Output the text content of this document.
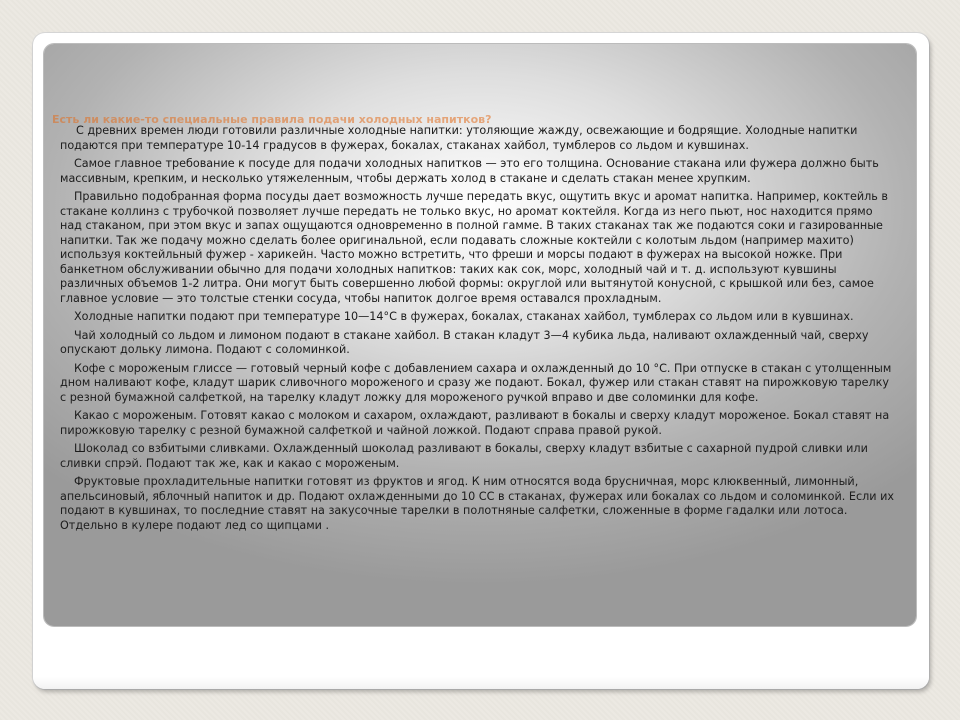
Есть ли какие-то специальные правила подачи холодных напитков?

С древних времен люди готовили различные холодные напитки: утоляющие жажду, освежающие и бодрящие. Холодные напитки подаются при температуре 10-14 градусов в фужерах, бокалах, стаканах хайбол, тумблеров со льдом и кувшинах.

Самое главное требование к посуде для подачи холодных напитков — это его толщина. Основание стакана или фужера должно быть массивным, крепким, и несколько утяжеленным, чтобы держать холод в стакане и сделать стакан менее хрупким.

Правильно подобранная форма посуды дает возможность лучше передать вкус, ощутить вкус и аромат напитка. Например, коктейль в стакане коллинз с трубочкой позволяет лучше передать не только вкус, но аромат коктейля. Когда из него пьют, нос находится прямо над стаканом, при этом вкус и запах ощущаются одновременно в полной гамме. В таких стаканах так же подаются соки и газированные напитки. Так же подачу можно сделать более оригинальной, если подавать сложные коктейли с колотым льдом (например махито) используя коктейльный фужер - харикейн. Часто можно встретить, что фреши и морсы подают в фужерах на высокой ножке. При банкетном обслуживании обычно для подачи холодных напитков: таких как сок, морс, холодный чай и т. д. используют кувшины различных объемов 1-2 литра. Они могут быть совершенно любой формы: округлой или вытянутой конусной, с крышкой или без, самое главное условие — это толстые стенки сосуда, чтобы напиток долгое время оставался прохладным.

Холодные напитки подают при температуре 10—14°С в фужерах, бокалах, стаканах хайбол, тумблерах со льдом или в кувшинах.

Чай холодный со льдом и лимоном подают в стакане хайбол. В стакан кладут 3—4 кубика льда, наливают охлажденный чай, сверху опускают дольку лимона. Подают с соломинкой.

Кофе с мороженым глиссе — готовый черный кофе с добавлением сахара и охлажденный до 10 °С. При отпуске в стакан с утолщенным дном наливают кофе, кладут шарик сливочного мороженого и сразу же подают. Бокал, фужер или стакан ставят на пирожковую тарелку с резной бумажной салфеткой, на тарелку кладут ложку для мороженого ручкой вправо и две соломинки для кофе.

Какао с мороженым. Готовят какао с молоком и сахаром, охлаждают, разливают в бокалы и сверху кладут мороженое. Бокал ставят на пирожковую тарелку с резной бумажной салфеткой и чайной ложкой. Подают справа правой рукой.

Шоколад со взбитыми сливками. Охлажденный шоколад разливают в бокалы, сверху кладут взбитые с сахарной пудрой сливки или сливки спрэй. Подают так же, как и какао с мороженым.

Фруктовые прохладительные напитки готовят из фруктов и ягод. К ним относятся вода брусничная, морс клюквенный, лимонный, апельсиновый, яблочный напиток и др. Подают охлажденными до 10 СС в стаканах, фужерах или бокалах со льдом и соломинкой. Если их подают в кувшинах, то последние ставят на закусочные тарелки в полотняные салфетки, сложенные в форме гадалки или лотоса. Отдельно в кулере подают лед со щипцами .
